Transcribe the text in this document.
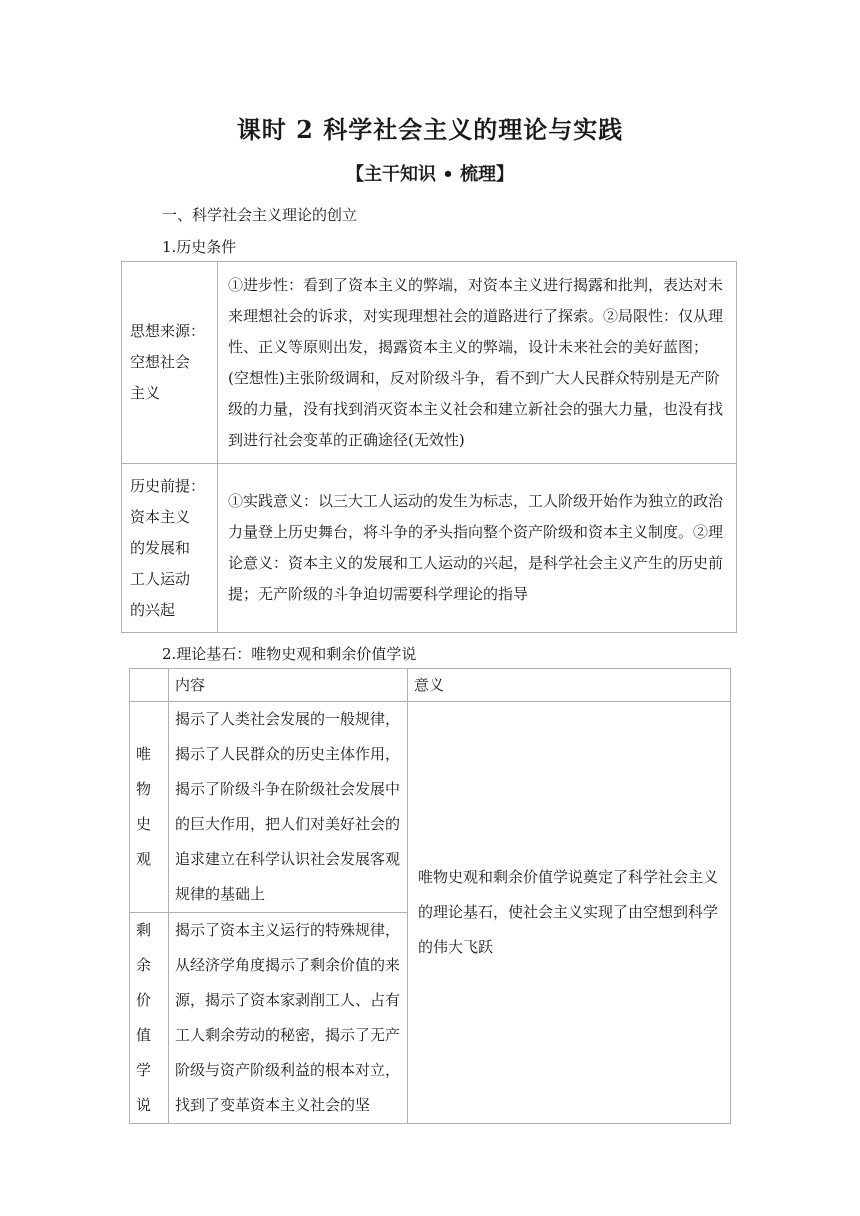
课时 2 科学社会主义的理论与实践
【主干知识 • 梳理】
一、科学社会主义理论的创立
1.历史条件
思想来源：
空想社会
主义	①进步性：看到了资本主义的弊端，对资本主义进行揭露和批判，表达对未来理想社会的诉求，对实现理想社会的道路进行了探索。②局限性：仅从理性、正义等原则出发，揭露资本主义的弊端，设计未来社会的美好蓝图；(空想性)主张阶级调和，反对阶级斗争，看不到广大人民群众特别是无产阶级的力量，没有找到消灭资本主义社会和建立新社会的强大力量，也没有找到进行社会变革的正确途径(无效性)

历史前提：
资本主义
的发展和
工人运动
的兴起	①实践意义：以三大工人运动的发生为标志，工人阶级开始作为独立的政治力量登上历史舞台，将斗争的矛头指向整个资产阶级和资本主义制度。②理论意义：资本主义的发展和工人运动的兴起，是科学社会主义产生的历史前提；无产阶级的斗争迫切需要科学理论的指导
2.理论基石：唯物史观和剩余价值学说
	内容	意义

唯物
史观	揭示了人类社会发展的一般规律，揭示了人民群众的历史主体作用，揭示了阶级斗争在阶级社会发展中的巨大作用，把人们对美好社会的追求建立在科学认识社会发展客观规律的基础上	唯物史观和剩余价值学说奠定了科学社会主义的理论基石，使社会主义实现了由空想到科学的伟大飞跃

剩余
价值
学说	揭示了资本主义运行的特殊规律，从经济学角度揭示了剩余价值的来源，揭示了资本家剥削工人、占有工人剩余劳动的秘密，揭示了无产阶级与资产阶级利益的根本对立，找到了变革资本主义社会的坚	
